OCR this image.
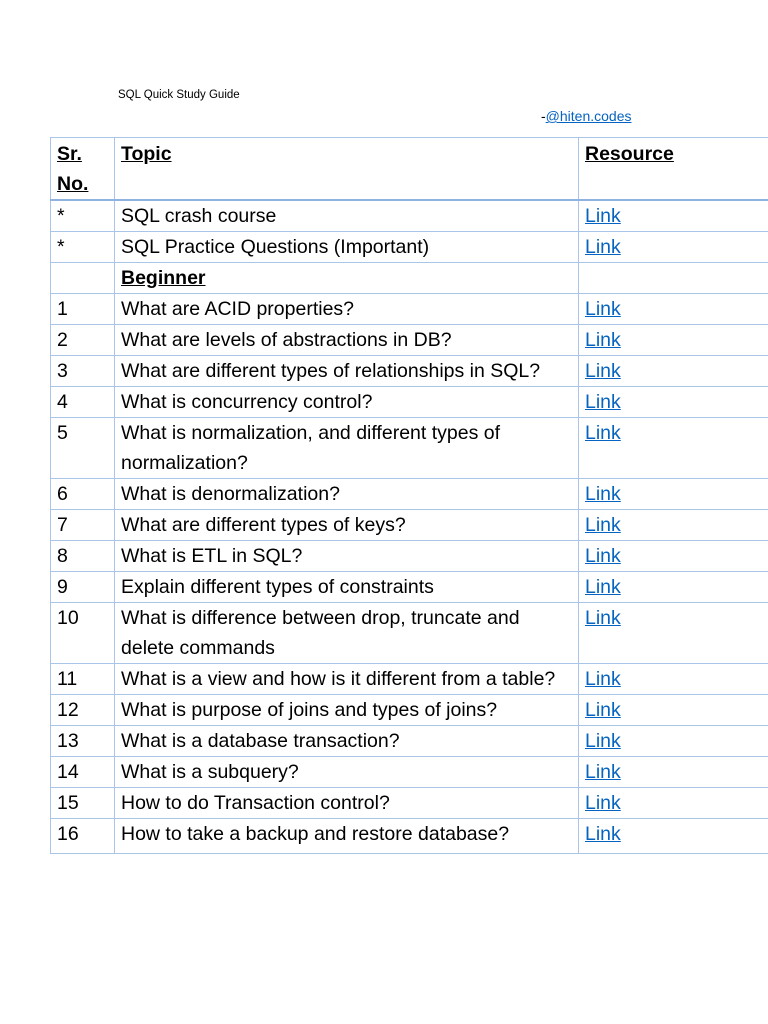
SQL Quick Study Guide
-@hiten.codes
Sr. No.	Topic	Resource
*	SQL crash course	Link
*	SQL Practice Questions (Important)	Link
	Beginner	
1	What are ACID properties?	Link
2	What are levels of abstractions in DB?	Link
3	What are different types of relationships in SQL?	Link
4	What is concurrency control?	Link
5	What is normalization, and different types of normalization?	Link
6	What is denormalization?	Link
7	What are different types of keys?	Link
8	What is ETL in SQL?	Link
9	Explain different types of constraints	Link
10	What is difference between drop, truncate and delete commands	Link
11	What is a view and how is it different from a table?	Link
12	What is purpose of joins and types of joins?	Link
13	What is a database transaction?	Link
14	What is a subquery?	Link
15	How to do Transaction control?	Link
16	How to take a backup and restore database?	Link
